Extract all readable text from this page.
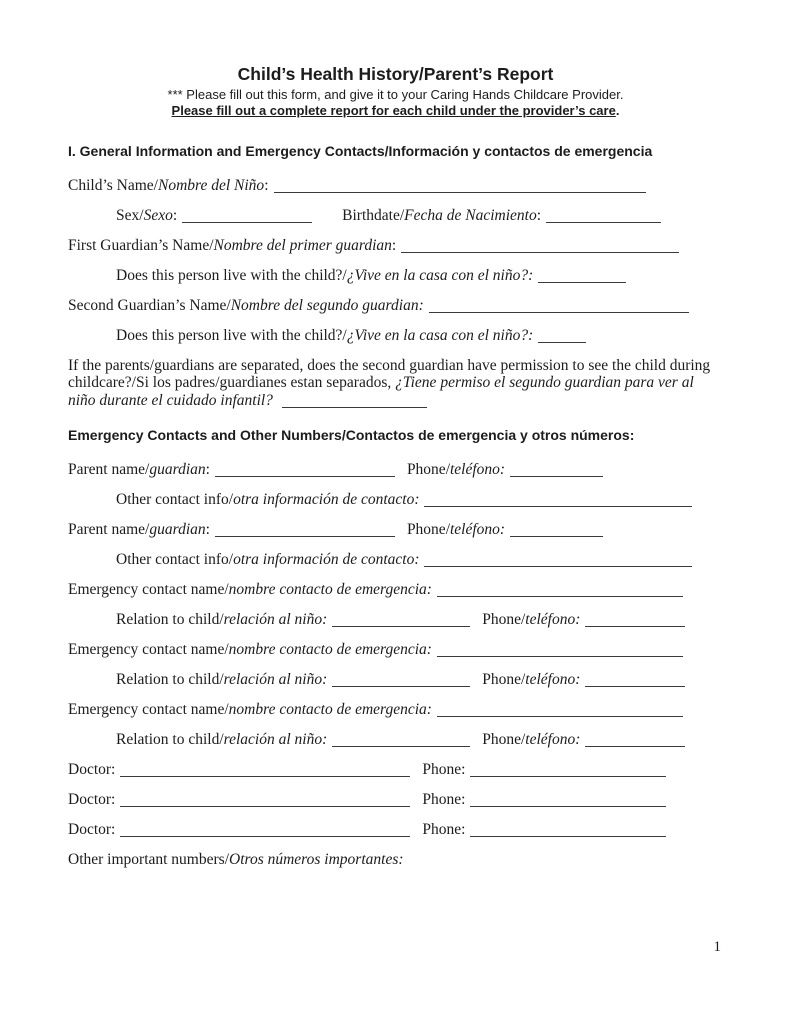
Child’s Health History/Parent’s Report
*** Please fill out this form, and give it to your Caring Hands Childcare Provider.
Please fill out a complete report for each child under the provider’s care.
I. General Information and Emergency Contacts/Información y contactos de emergencia
Child’s Name/Nombre del Niño:
Sex/Sexo:	Birthdate/Fecha de Nacimiento:
First Guardian’s Name/Nombre del primer guardian:
Does this person live with the child?/¿Vive en la casa con el niño?:
Second Guardian’s Name/Nombre del segundo guardian:
Does this person live with the child?/¿Vive en la casa con el niño?:
If the parents/guardians are separated, does the second guardian have permission to see the child during childcare?/Si los padres/guardianes estan separados, ¿Tiene permiso el segundo guardian para ver al niño durante el cuidado infantil?
Emergency Contacts and Other Numbers/Contactos de emergencia y otros números:
Parent name/guardian:	Phone/teléfono:
Other contact info/otra información de contacto:
Parent name/guardian:	Phone/teléfono:
Other contact info/otra información de contacto:
Emergency contact name/nombre contacto de emergencia:
Relation to child/relación al niño:	Phone/teléfono:
Emergency contact name/nombre contacto de emergencia:
Relation to child/relación al niño:	Phone/teléfono:
Emergency contact name/nombre contacto de emergencia:
Relation to child/relación al niño:	Phone/teléfono:
Doctor:	Phone:
Doctor:	Phone:
Doctor:	Phone:
Other important numbers/Otros números importantes:
1
